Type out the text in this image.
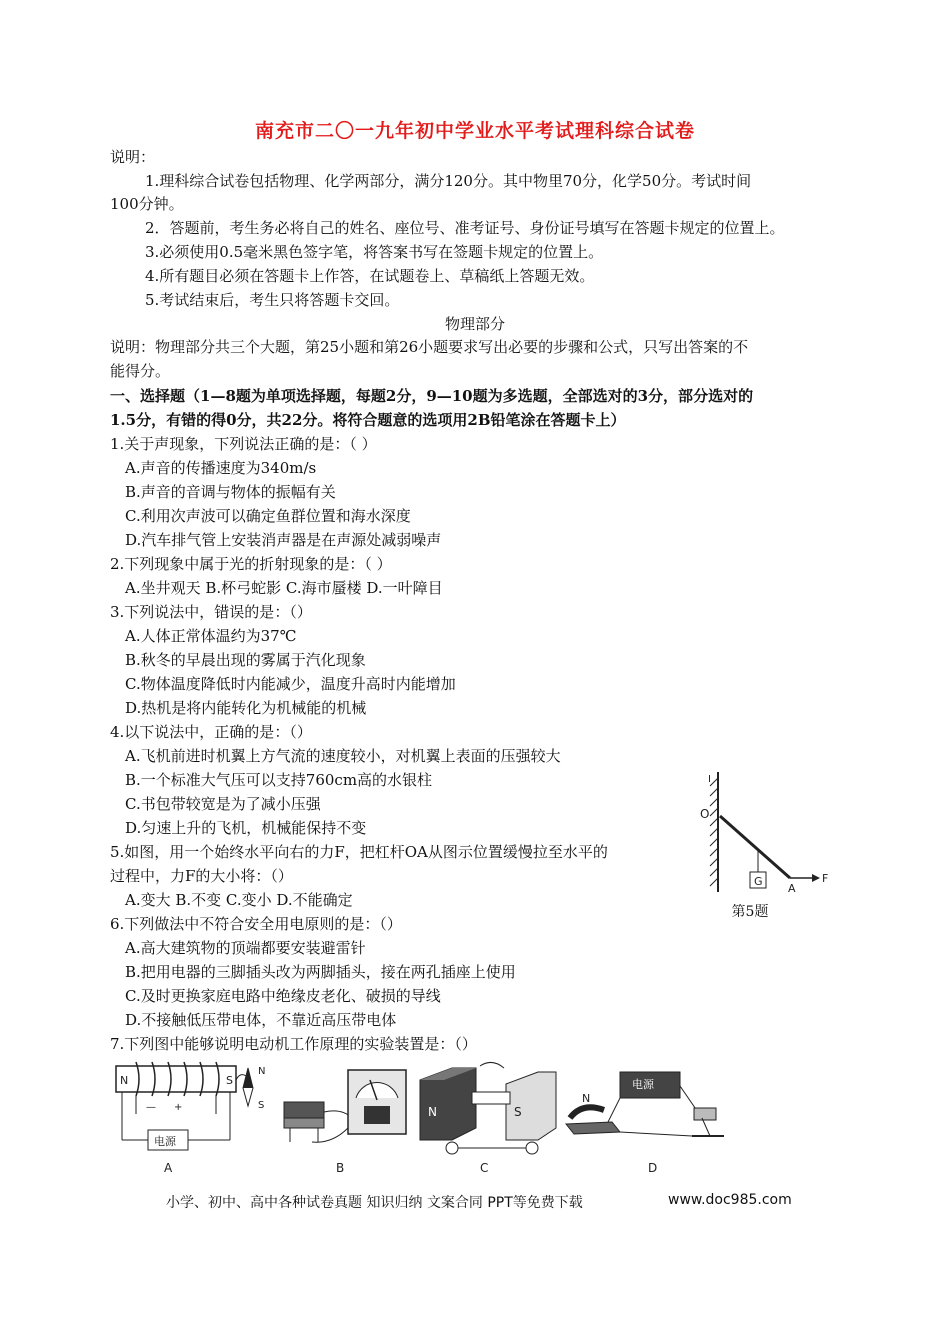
南充市二〇一九年初中学业水平考试理科综合试卷
说明：
1.理科综合试卷包括物理、化学两部分，满分120分。其中物里70分，化学50分。考试时间
100分钟。
2．答题前，考生务必将自己的姓名、座位号、准考证号、身份证号填写在答题卡规定的位置上。
3.必须使用0.5毫米黑色签字笔，将答案书写在签题卡规定的位置上。
4.所有题目必须在答题卡上作答，在试题卷上、草稿纸上答题无效。
5.考试结束后，考生只将答题卡交回。
物理部分
说明：物理部分共三个大题，第25小题和第26小题要求写出必要的步骤和公式，只写出答案的不
能得分。
一、选择题（1—8题为单项选择题，每题2分，9—10题为多选题，全部选对的3分，部分选对的
1.5分，有错的得0分，共22分。将符合题意的选项用2B铅笔涂在答题卡上）
1.关于声现象，下列说法正确的是：（ ）
A.声音的传播速度为340m/s
B.声音的音调与物体的振幅有关
C.利用次声波可以确定鱼群位置和海水深度
D.汽车排气管上安装消声器是在声源处减弱噪声
2.下列现象中属于光的折射现象的是：（ ）
A.坐井观天 B.杯弓蛇影 C.海市蜃楼 D.一叶障目
3.下列说法中，错误的是：（）
A.人体正常体温约为37℃
B.秋冬的早晨出现的雾属于汽化现象
C.物体温度降低时内能减少，温度升高时内能增加
D.热机是将内能转化为机械能的机械
4.以下说法中，正确的是：（）
A.飞机前进时机翼上方气流的速度较小，对机翼上表面的压强较大
B.一个标准大气压可以支持760cm高的水银柱
C.书包带较宽是为了减小压强
D.匀速上升的飞机，机械能保持不变
5.如图，用一个始终水平向右的力F，把杠杆OA从图示位置缓慢拉至水平的
过程中，力F的大小将：（）
A.变大 B.不变 C.变小 D.不能确定
I
O
G
A
F
第5题
6.下列做法中不符合安全用电原则的是：（）
A.高大建筑物的顶端都要安装避雷针
B.把用电器的三脚插头改为两脚插头，接在两孔插座上使用
C.及时更换家庭电路中绝缘皮老化、破损的导线
D.不接触低压带电体，不靠近高压带电体
7.下列图中能够说明电动机工作原理的实验装置是：（）
N	S
— +
电源
N
S
A	B
N	S
C
电源
N
D
小学、初中、高中各种试卷真题 知识归纳 文案合同 PPT等免费下载	www.doc985.com
